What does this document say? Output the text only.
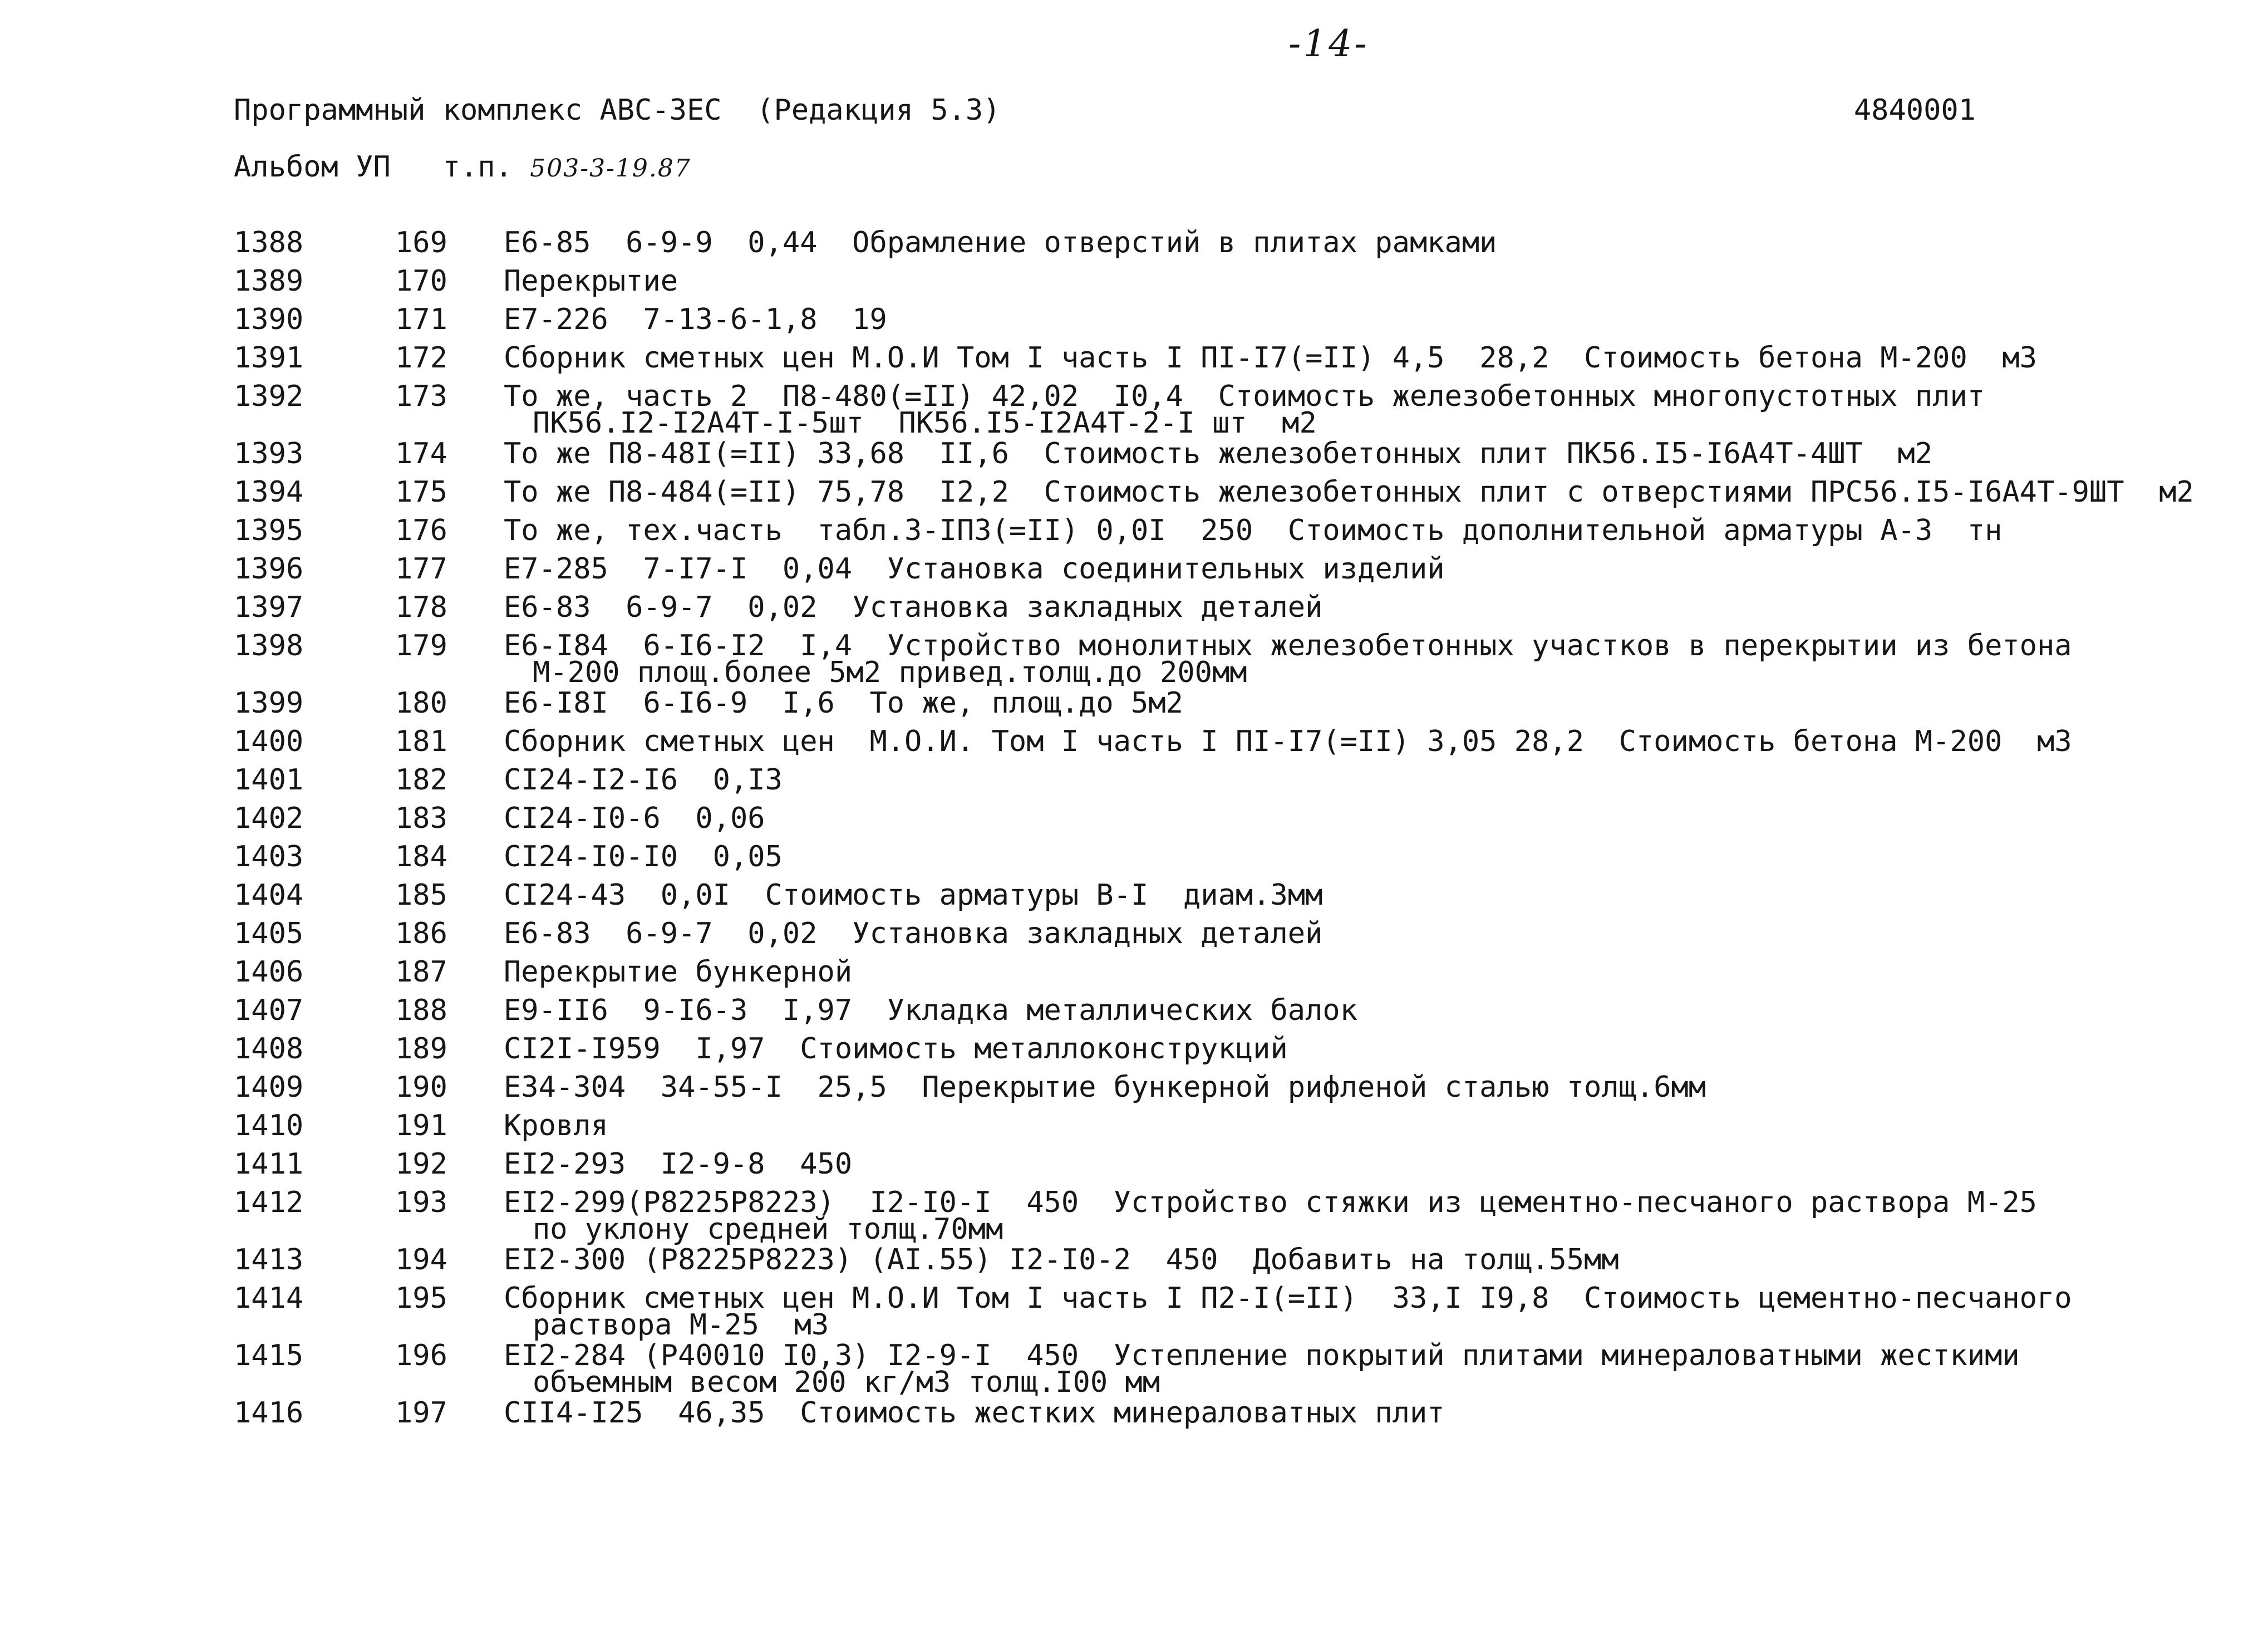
-14-
Программный комплекс АВС-ЗЕС  (Редакция 5.3)	4840001
Альбом УП   т.п. 503-3-19.87
1388	169	Е6-85  6-9-9  0,44  Обрамление отверстий в плитах рамками
1389	170	Перекрытие
1390	171	Е7-226  7-13-6-1,8  19
1391	172	Сборник сметных цен М.О.И Том I часть I ПI-I7(=II) 4,5  28,2  Стоимость бетона М-200  м3
1392	173	То же, часть 2  П8-480(=II) 42,02  I0,4  Стоимость железобетонных многопустотных плит
ПК56.I2-I2А4Т-I-5шт  ПК56.I5-I2А4Т-2-I шт  м2
1393	174	То же П8-48I(=II) 33,68  II,6  Стоимость железобетонных плит ПК56.I5-I6А4Т-4ШТ  м2
1394	175	То же П8-484(=II) 75,78  I2,2  Стоимость железобетонных плит с отверстиями ПРС56.I5-I6А4Т-9ШТ  м2
1395	176	То же, тех.часть  табл.3-IП3(=II) 0,0I  250  Стоимость дополнительной арматуры А-3  тн
1396	177	Е7-285  7-I7-I  0,04  Установка соединительных изделий
1397	178	Е6-83  6-9-7  0,02  Установка закладных деталей
1398	179	Е6-I84  6-I6-I2  I,4  Устройство монолитных железобетонных участков в перекрытии из бетона
М-200 площ.более 5м2 привед.толщ.до 200мм
1399	180	Е6-I8I  6-I6-9  I,6  То же, площ.до 5м2
1400	181	Сборник сметных цен  М.О.И. Том I часть I ПI-I7(=II) 3,05 28,2  Стоимость бетона М-200  м3
1401	182	СI24-I2-I6  0,I3
1402	183	СI24-I0-6  0,06
1403	184	СI24-I0-I0  0,05
1404	185	СI24-43  0,0I  Стоимость арматуры В-I  диам.3мм
1405	186	Е6-83  6-9-7  0,02  Установка закладных деталей
1406	187	Перекрытие бункерной
1407	188	Е9-II6  9-I6-3  I,97  Укладка металлических балок
1408	189	СI2I-I959  I,97  Стоимость металлоконструкций
1409	190	Е34-304  34-55-I  25,5  Перекрытие бункерной рифленой сталью толщ.6мм
1410	191	Кровля
1411	192	ЕI2-293  I2-9-8  450
1412	193	ЕI2-299(Р8225Р8223)  I2-I0-I  450  Устройство стяжки из цементно-песчаного раствора М-25
по уклону средней толщ.70мм
1413	194	ЕI2-300 (Р8225Р8223) (АI.55) I2-I0-2  450  Добавить на толщ.55мм
1414	195	Сборник сметных цен М.О.И Том I часть I П2-I(=II)  33,I I9,8  Стоимость цементно-песчаного
раствора М-25  м3
1415	196	ЕI2-284 (Р40010 I0,3) I2-9-I  450  Устепление покрытий плитами минераловатными жесткими
объемным весом 200 кг/м3 толщ.I00 мм
1416	197	СII4-I25  46,35  Стоимость жестких минераловатных плит
